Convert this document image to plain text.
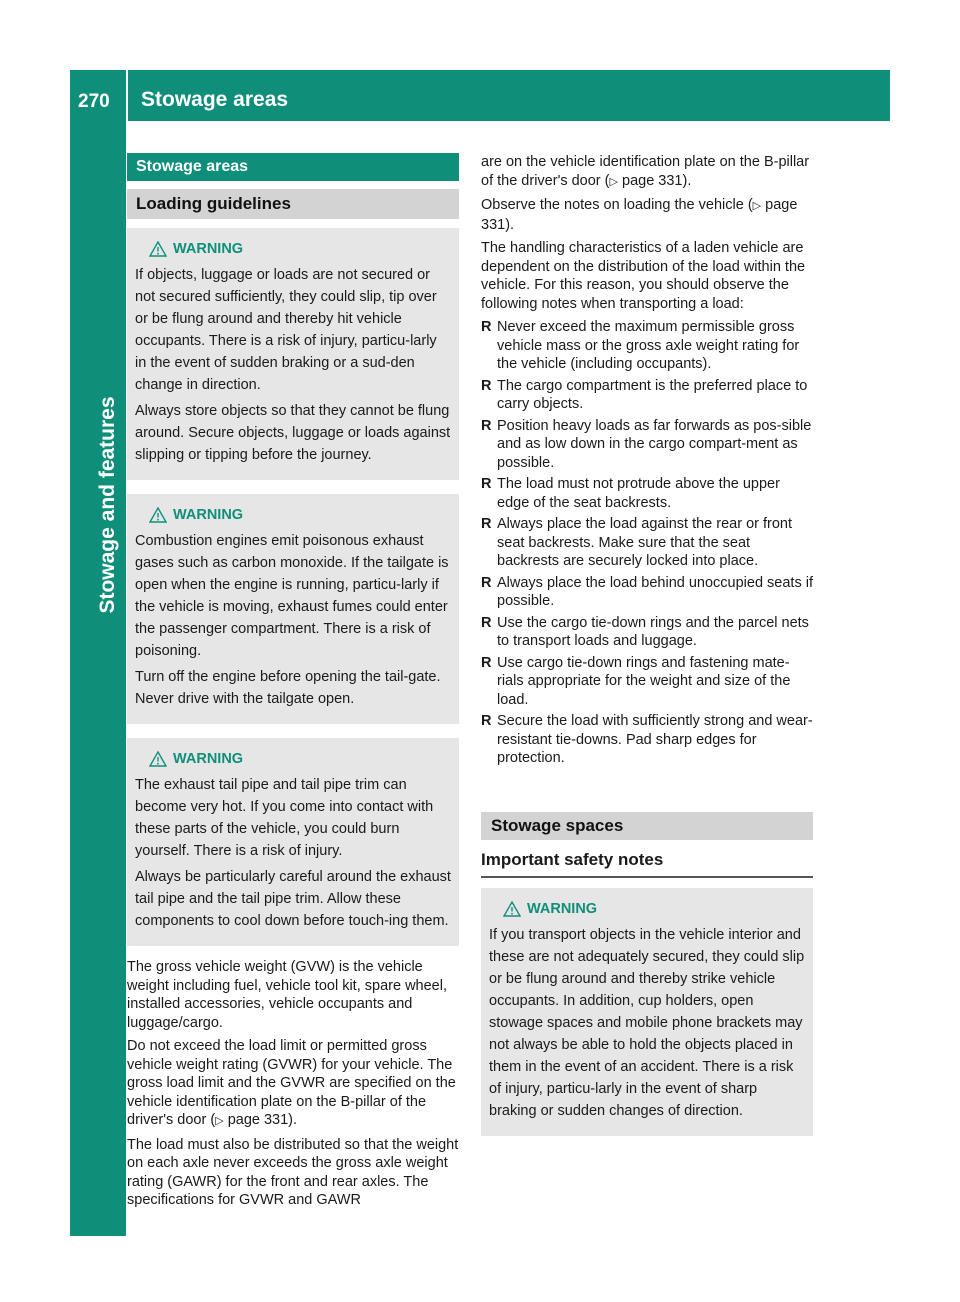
270 Stowage areas
Stowage and features
Stowage areas
Loading guidelines
WARNING

If objects, luggage or loads are not secured or not secured sufficiently, they could slip, tip over or be flung around and thereby hit vehicle occupants. There is a risk of injury, particu-larly in the event of sudden braking or a sud-den change in direction.

Always store objects so that they cannot be flung around. Secure objects, luggage or loads against slipping or tipping before the journey.

WARNING

Combustion engines emit poisonous exhaust gases such as carbon monoxide. If the tailgate is open when the engine is running, particu-larly if the vehicle is moving, exhaust fumes could enter the passenger compartment. There is a risk of poisoning.

Turn off the engine before opening the tail-gate. Never drive with the tailgate open.

WARNING

The exhaust tail pipe and tail pipe trim can become very hot. If you come into contact with these parts of the vehicle, you could burn yourself. There is a risk of injury.

Always be particularly careful around the exhaust tail pipe and the tail pipe trim. Allow these components to cool down before touch-ing them.

The gross vehicle weight (GVW) is the vehicle weight including fuel, vehicle tool kit, spare wheel, installed accessories, vehicle occupants and luggage/cargo.

Do not exceed the load limit or permitted gross vehicle weight rating (GVWR) for your vehicle. The gross load limit and the GVWR are specified on the vehicle identification plate on the B-pillar of the driver's door (▷ page 331).

The load must also be distributed so that the weight on each axle never exceeds the gross axle weight rating (GAWR) for the front and rear axles. The specifications for GVWR and GAWR

are on the vehicle identification plate on the B-pillar of the driver's door (▷ page 331).

Observe the notes on loading the vehicle (▷ page 331).

The handling characteristics of a laden vehicle are dependent on the distribution of the load within the vehicle. For this reason, you should observe the following notes when transporting a load:

R Never exceed the maximum permissible gross vehicle mass or the gross axle weight rating for the vehicle (including occupants).
R The cargo compartment is the preferred place to carry objects.
R Position heavy loads as far forwards as pos-sible and as low down in the cargo compart-ment as possible.
R The load must not protrude above the upper edge of the seat backrests.
R Always place the load against the rear or front seat backrests. Make sure that the seat backrests are securely locked into place.
R Always place the load behind unoccupied seats if possible.
R Use the cargo tie-down rings and the parcel nets to transport loads and luggage.
R Use cargo tie-down rings and fastening mate-rials appropriate for the weight and size of the load.
R Secure the load with sufficiently strong and wear-resistant tie-downs. Pad sharp edges for protection.
Stowage spaces
Important safety notes
WARNING

If you transport objects in the vehicle interior and these are not adequately secured, they could slip or be flung around and thereby strike vehicle occupants. In addition, cup holders, open stowage spaces and mobile phone brackets may not always be able to hold the objects placed in them in the event of an accident. There is a risk of injury, particu-larly in the event of sharp braking or sudden changes of direction.
